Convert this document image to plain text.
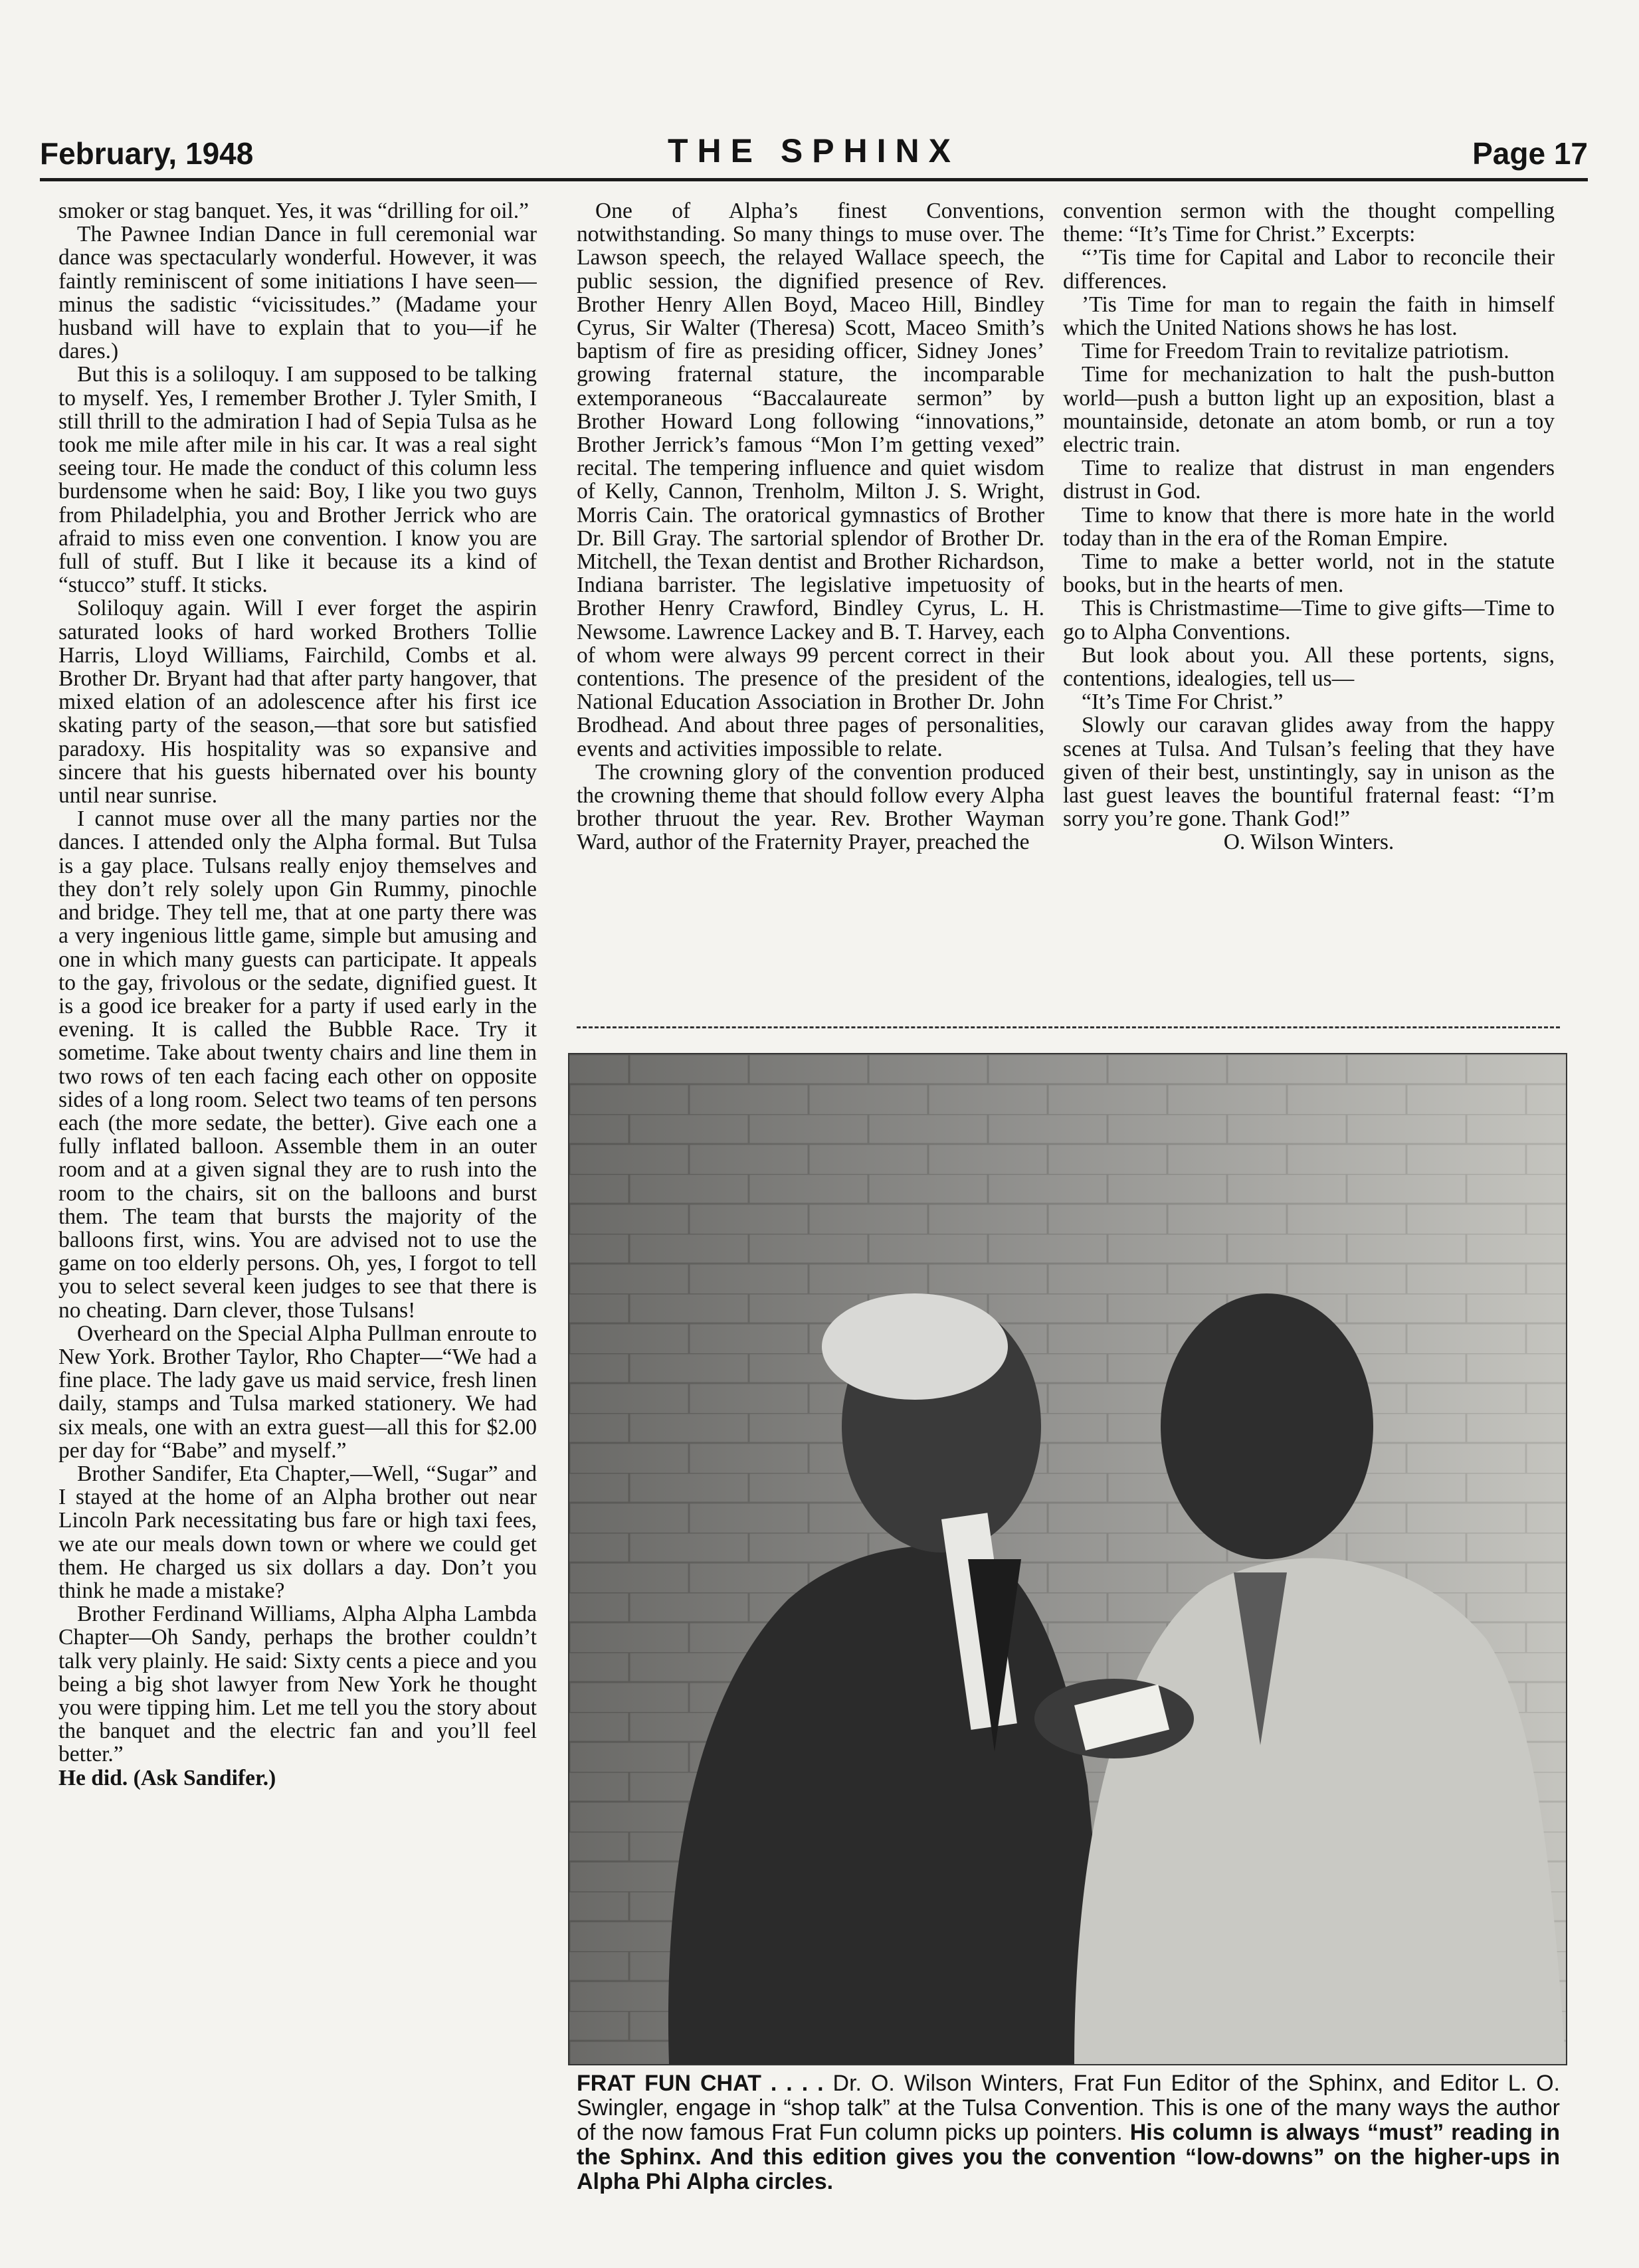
February, 1948	THE SPHINX	Page 17

smoker or stag banquet. Yes, it was “drilling for oil.”

The Pawnee Indian Dance in full ceremonial war dance was spectacularly wonderful. However, it was faintly reminiscent of some initiations I have seen—minus the sadistic “vicissitudes.” (Madame your husband will have to explain that to you—if he dares.)

But this is a soliloquy. I am supposed to be talking to myself. Yes, I remember Brother J. Tyler Smith, I still thrill to the admiration I had of Sepia Tulsa as he took me mile after mile in his car. It was a real sight seeing tour. He made the conduct of this column less burdensome when he said: Boy, I like you two guys from Philadelphia, you and Brother Jerrick who are afraid to miss even one convention. I know you are full of stuff. But I like it because its a kind of “stucco” stuff. It sticks.

Soliloquy again. Will I ever forget the aspirin saturated looks of hard worked Brothers Tollie Harris, Lloyd Williams, Fairchild, Combs et al. Brother Dr. Bryant had that after party hangover, that mixed elation of an adolescence after his first ice skating party of the season,—that sore but satisfied paradoxy. His hospitality was so expansive and sincere that his guests hibernated over his bounty until near sunrise.

I cannot muse over all the many parties nor the dances. I attended only the Alpha formal. But Tulsa is a gay place. Tulsans really enjoy themselves and they don’t rely solely upon Gin Rummy, pinochle and bridge. They tell me, that at one party there was a very ingenious little game, simple but amusing and one in which many guests can participate. It appeals to the gay, frivolous or the sedate, dignified guest. It is a good ice breaker for a party if used early in the evening. It is called the Bubble Race. Try it sometime. Take about twenty chairs and line them in two rows of ten each facing each other on opposite sides of a long room. Select two teams of ten persons each (the more sedate, the better). Give each one a fully inflated balloon. Assemble them in an outer room and at a given signal they are to rush into the room to the chairs, sit on the balloons and burst them. The team that bursts the majority of the balloons first, wins. You are advised not to use the game on too elderly persons. Oh, yes, I forgot to tell you to select several keen judges to see that there is no cheating. Darn clever, those Tulsans!

Overheard on the Special Alpha Pullman enroute to New York. Brother Taylor, Rho Chapter—“We had a fine place. The lady gave us maid service, fresh linen daily, stamps and Tulsa marked stationery. We had six meals, one with an extra guest—all this for $2.00 per day for “Babe” and myself.”

Brother Sandifer, Eta Chapter,—Well, “Sugar” and I stayed at the home of an Alpha brother out near Lincoln Park necessitating bus fare or high taxi fees, we ate our meals down town or where we could get them. He charged us six dollars a day. Don’t you think he made a mistake?

Brother Ferdinand Williams, Alpha Alpha Lambda Chapter—Oh Sandy, perhaps the brother couldn’t talk very plainly. He said: Sixty cents a piece and you being a big shot lawyer from New York he thought you were tipping him. Let me tell you the story about the banquet and the electric fan and you’ll feel better.”

He did. (Ask Sandifer.)

One of Alpha’s finest Conventions, notwithstanding. So many things to muse over. The Lawson speech, the relayed Wallace speech, the public session, the dignified presence of Rev. Brother Henry Allen Boyd, Maceo Hill, Bindley Cyrus, Sir Walter (Theresa) Scott, Maceo Smith’s baptism of fire as presiding officer, Sidney Jones’ growing fraternal stature, the incomparable extemporaneous “Baccalaureate sermon” by Brother Howard Long following “innovations,” Brother Jerrick’s famous “Mon I’m getting vexed” recital. The tempering influence and quiet wisdom of Kelly, Cannon, Trenholm, Milton J. S. Wright, Morris Cain. The oratorical gymnastics of Brother Dr. Bill Gray. The sartorial splendor of Brother Dr. Mitchell, the Texan dentist and Brother Richardson, Indiana barrister. The legislative impetuosity of Brother Henry Crawford, Bindley Cyrus, L. H. Newsome. Lawrence Lackey and B. T. Harvey, each of whom were always 99 percent correct in their contentions. The presence of the president of the National Education Association in Brother Dr. John Brodhead. And about three pages of personalities, events and activities impossible to relate.

The crowning glory of the convention produced the crowning theme that should follow every Alpha brother thruout the year. Rev. Brother Wayman Ward, author of the Fraternity Prayer, preached the

convention sermon with the thought compelling theme: “It’s Time for Christ.” Excerpts:

“’Tis time for Capital and Labor to reconcile their differences.

’Tis Time for man to regain the faith in himself which the United Nations shows he has lost.

Time for Freedom Train to revitalize patriotism.

Time for mechanization to halt the push-button world—push a button light up an exposition, blast a mountainside, detonate an atom bomb, or run a toy electric train.

Time to realize that distrust in man engenders distrust in God.

Time to know that there is more hate in the world today than in the era of the Roman Empire.

Time to make a better world, not in the statute books, but in the hearts of men.

This is Christmastime—Time to give gifts—Time to go to Alpha Conventions.

But look about you. All these portents, signs, contentions, idealogies, tell us—

“It’s Time For Christ.”

Slowly our caravan glides away from the happy scenes at Tulsa. And Tulsan’s feeling that they have given of their best, unstintingly, say in unison as the last guest leaves the bountiful fraternal feast: “I’m sorry you’re gone. Thank God!”

O. Wilson Winters.

FRAT FUN CHAT . . . . Dr. O. Wilson Winters, Frat Fun Editor of the Sphinx, and Editor L. O. Swingler, engage in “shop talk” at the Tulsa Convention. This is one of the many ways the author of the now famous Frat Fun column picks up pointers. His column is always “must” reading in the Sphinx. And this edition gives you the convention “low-downs” on the higher-ups in Alpha Phi Alpha circles.
